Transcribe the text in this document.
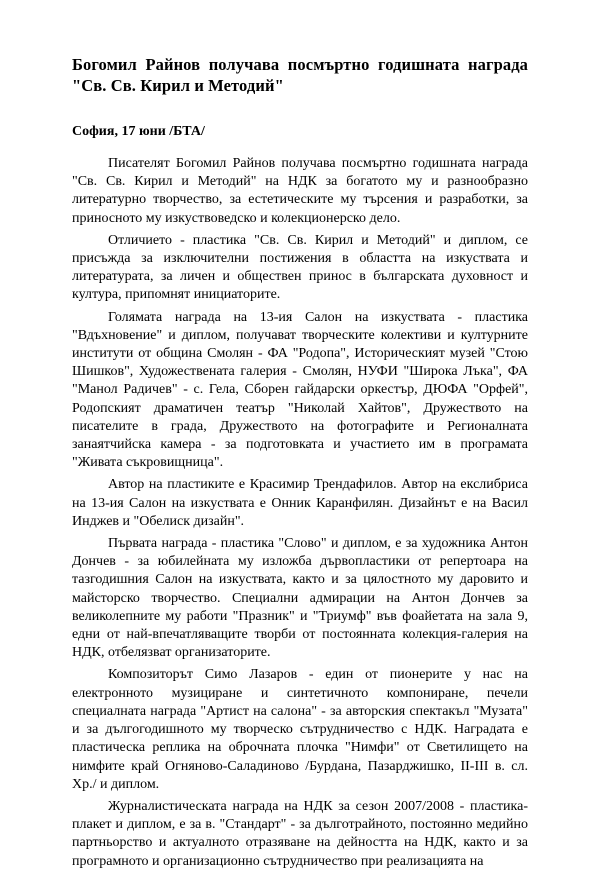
Богомил Райнов получава посмъртно годишната награда "Св. Св. Кирил и Методий"
София, 17 юни /БТА/

Писателят Богомил Райнов получава посмъртно годишната награда "Св. Св. Кирил и Методий" на НДК за богатото му и разнообразно литературно творчество, за естетическите му търсения и разработки, за приносното му изкуствоведско и колекционерско дело.

Отличието - пластика "Св. Св. Кирил и Методий" и диплом, се присъжда за изключителни постижения в областта на изкуствата и литературата, за личен и обществен принос в българската духовност и култура, припомнят инициаторите.

Голямата награда на 13-ия Салон на изкуствата - пластика "Вдъхновение" и диплом, получават творческите колективи и културните институти от община Смолян - ФА "Родопа", Историческият музей "Стою Шишков", Художествената галерия - Смолян, НУФИ "Широка Лъка", ФА "Манол Радичев" - с. Гела, Сборен гайдарски оркестър, ДЮФА "Орфей", Родопският драматичен театър "Николай Хайтов", Дружеството на писателите в града, Дружеството на фотографите и Регионалната занаятчийска камера - за подготовката и участието им в програмата "Живата съкровищница".

Автор на пластиките е Красимир Трендафилов. Автор на екслибриса на 13-ия Салон на изкуствата е Онник Каранфилян. Дизайнът е на Васил Инджев и "Обелиск дизайн".

Първата награда - пластика "Слово" и диплом, е за художника Антон Дончев - за юбилейната му изложба дървопластики от репертоара на тазгодишния Салон на изкуствата, както и за цялостното му дарoвито и майсторско творчество. Специални адмирации на Антон Дончев за великолепните му работи "Празник" и "Триумф" във фоайетата на зала 9, едни от най-впечатляващите творби от постоянната колекция-галерия на НДК, отбелязват организаторите.

Композиторът Симо Лазаров - един от пионерите у нас на електронното музициране и синтетичното компониране, печели специалната награда "Артист на салона" - за авторския спектакъл "Музата" и за дългогодишното му творческо сътрудничество с НДК. Наградата е пластическа реплика на обрoчната плочка "Нимфи" от Светилището на нимфите край Огняново-Саладиново /Бурдана, Пазарджишко, II-III в. сл. Хр./ и диплом.

Журналистическата награда на НДК за сезон 2007/2008 - пластика-плакет и диплом, е за в. "Стандарт" - за дълготрайното, постоянно медийно партньорство и актуалното отразяване на дейността на НДК, както и за програмното и организационно сътрудничество при реализацията на
